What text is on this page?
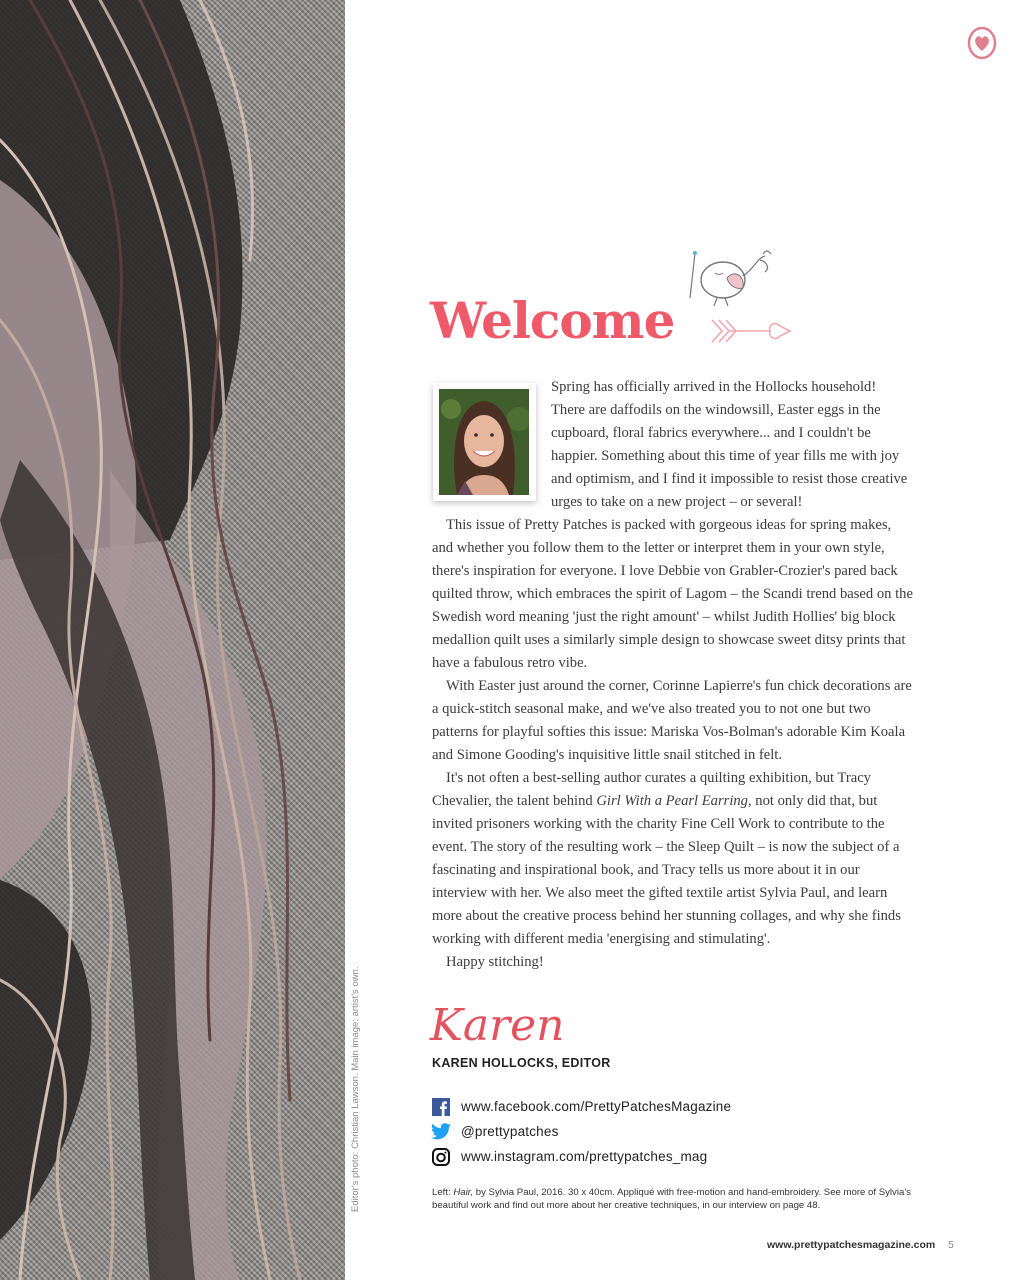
Editor's photo: Christian Lawson. Main image: artist's own.
Welcome
Spring has officially arrived in the Hollocks household!
There are daffodils on the windowsill, Easter eggs in the
cupboard, floral fabrics everywhere... and I couldn't be
happier. Something about this time of year fills me with joy
and optimism, and I find it impossible to resist those creative
urges to take on a new project – or several!

This issue of Pretty Patches is packed with gorgeous ideas for spring makes, and whether you follow them to the letter or interpret them in your own style, there's inspiration for everyone. I love Debbie von Grabler-Crozier's pared back quilted throw, which embraces the spirit of Lagom – the Scandi trend based on the Swedish word meaning 'just the right amount' – whilst Judith Hollies' big block medallion quilt uses a similarly simple design to showcase sweet ditsy prints that have a fabulous retro vibe.

With Easter just around the corner, Corinne Lapierre's fun chick decorations are a quick-stitch seasonal make, and we've also treated you to not one but two patterns for playful softies this issue: Mariska Vos-Bolman's adorable Kim Koala and Simone Gooding's inquisitive little snail stitched in felt.

It's not often a best-selling author curates a quilting exhibition, but Tracy Chevalier, the talent behind Girl With a Pearl Earring, not only did that, but invited prisoners working with the charity Fine Cell Work to contribute to the event. The story of the resulting work – the Sleep Quilt – is now the subject of a fascinating and inspirational book, and Tracy tells us more about it in our interview with her. We also meet the gifted textile artist Sylvia Paul, and learn more about the creative process behind her stunning collages, and why she finds working with different media 'energising and stimulating'.

Happy stitching!

Karen
KAREN HOLLOCKS, EDITOR
www.facebook.com/PrettyPatchesMagazine
@prettypatches
www.instagram.com/prettypatches_mag
Left: Hair, by Sylvia Paul, 2016. 30 x 40cm. Appliqué with free-motion and hand-embroidery. See more of Sylvia's beautiful work and find out more about her creative techniques, in our interview on page 48.
www.prettypatchesmagazine.com 5
